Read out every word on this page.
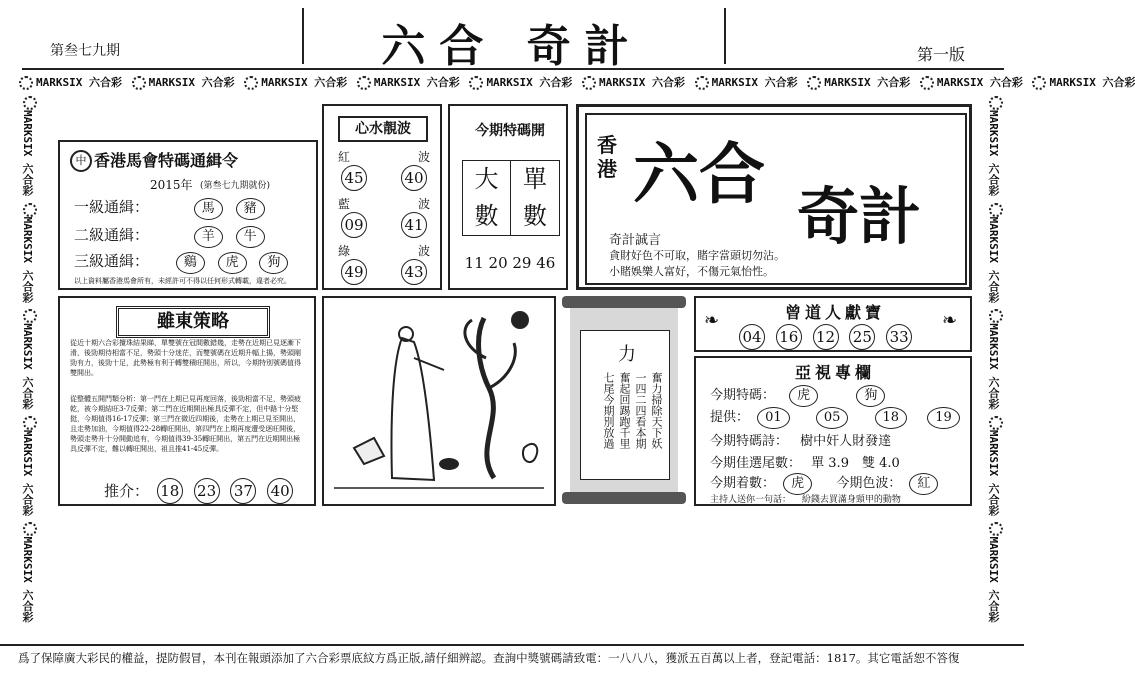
第叁七九期	六合 奇計	第一版
MARKSIX 六合彩 MARKSIX 六合彩 MARKSIX 六合彩 MARKSIX 六合彩 MARKSIX 六合彩 MARKSIX 六合彩 MARKSIX 六合彩 MARKSIX 六合彩 MARKSIX 六合彩 MARKSIX 六合彩
MARKSIX 六合彩 MARKSIX 六合彩 MARKSIX 六合彩 MARKSIX 六合彩 MARKSIX 六合彩
MARKSIX 六合彩 MARKSIX 六合彩 MARKSIX 六合彩 MARKSIX 六合彩 MARKSIX 六合彩
中 香港馬會特碼通緝令
2015年 (第叁七九期就份)
一級通緝：	馬 豬
二級通緝：	羊 牛
三級通緝：	鷄 虎 狗
以上資料屬香港馬會所有，未經許可不得以任何形式轉載，違者必究。
心水靚波
紅	波
45	40
藍	波
09	41
綠	波
49	43
今期特碼開
大	單
數	數
11 20 29 46
香港 六合
奇計
奇計誠言
貪財好色不可取，賭字當頭切勿沾。
小賭娛樂人富好，不傷元氣怡性。
雖東策略
從近十期六合彩攪珠結果睇，單雙號在冠間數錯幾，走勢在近期已見逐漸下滑，後勁期待相當不足，勢頭十分迷茫，而雙號碼在近期升幅上揚，勢頭剛勁有力，後勁十足，此勢極有利于轉雙積旺開出，所以，今期特別號碼值得雙開出。
從整體五開門類分析：第一門在上期已見再度回落，後勁相當不足，勢頭疲乾，被今期結旺3-7反彈；第二門在近期開出極具反彈不定，但中路十分堅挺，今期值得16-17反彈；第三門在微近四期後，走勢在上期已見至開出，且走勢加油，今期值得22-28轉旺開出，第四門在上期再度遭受逐旺開後，勢頭走勢升十分開動追有，今期值得39-35轉旺開出，第五門在近期開出極具反彈不定，難以轉旺開出，祖且推41-45反彈。
推介： 18 23 37 40
力
奮力掃除天下妖
一四二四看本期
奮起回踢跑千里
七尾今期別放過
曾道人獻寶
❧	❧
04 16 12 25 33
亞視專欄
今期特碼： 虎	狗
提供： 01	05	18	19
今期特碼詩： 樹中奸人財發達
今期佳選尾數： 單 3.9　雙 4.0
今期着數： 虎 今期色波： 紅
主持人送你一句話： 紛錢去買滿身頸甲的動物
爲了保障廣大彩民的權益，提防假冒，本刊在報頭添加了六合彩票底紋方爲正版,請仔細辨認。查詢中獎號碼請致電：一八八八，獲派五百萬以上者，登記電話：1817。其它電話恕不答復
